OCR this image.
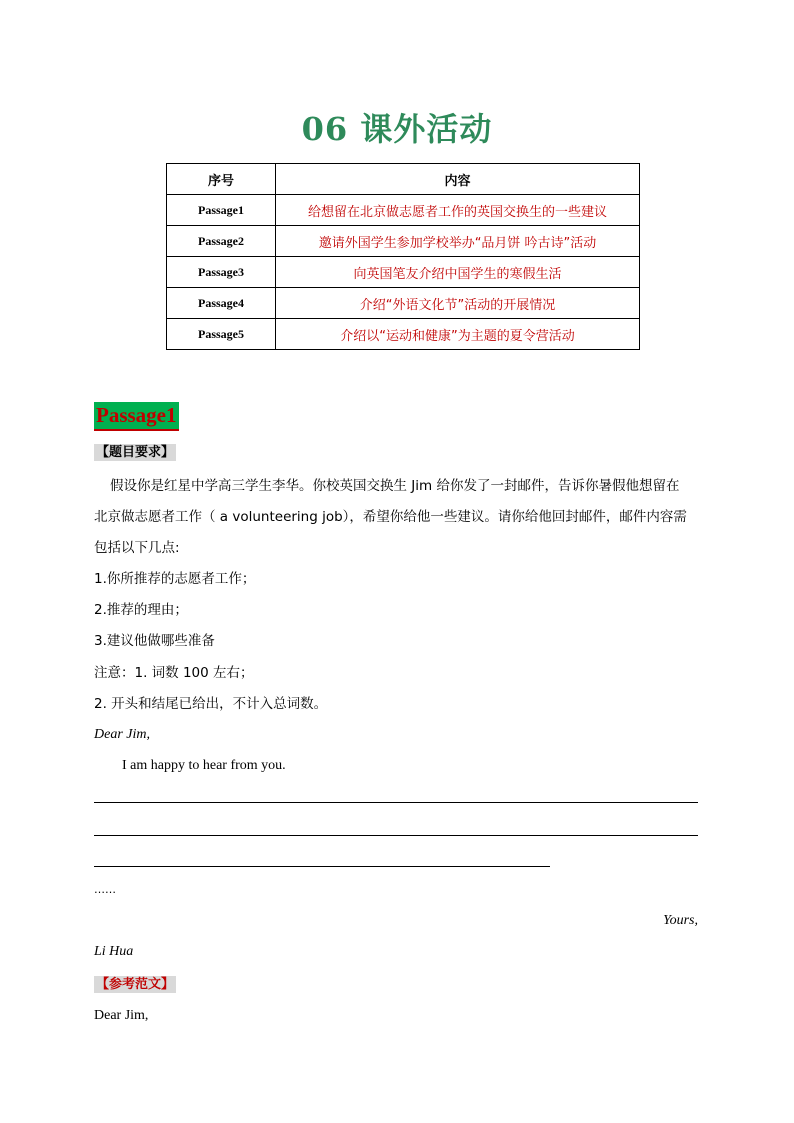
06 课外活动
序号	内容
Passage1	给想留在北京做志愿者工作的英国交换生的一些建议
Passage2	邀请外国学生参加学校举办“品月饼 吟古诗”活动
Passage3	向英国笔友介绍中国学生的寒假生活
Passage4	介绍“外语文化节”活动的开展情况
Passage5	介绍以“运动和健康”为主题的夏令营活动
Passage1
【题目要求】
假设你是红星中学高三学生李华。你校英国交换生 Jim 给你发了一封邮件，告诉你暑假他想留在
北京做志愿者工作（ a volunteering job），希望你给他一些建议。请你给他回封邮件，邮件内容需
包括以下几点:
1.你所推荐的志愿者工作；
2.推荐的理由；
3.建议他做哪些准备
注意：1. 词数 100 左右；
2. 开头和结尾已给出，不计入总词数。
Dear Jim,
I am happy to hear from you.
……
Yours,
Li Hua
【参考范文】
Dear Jim,
